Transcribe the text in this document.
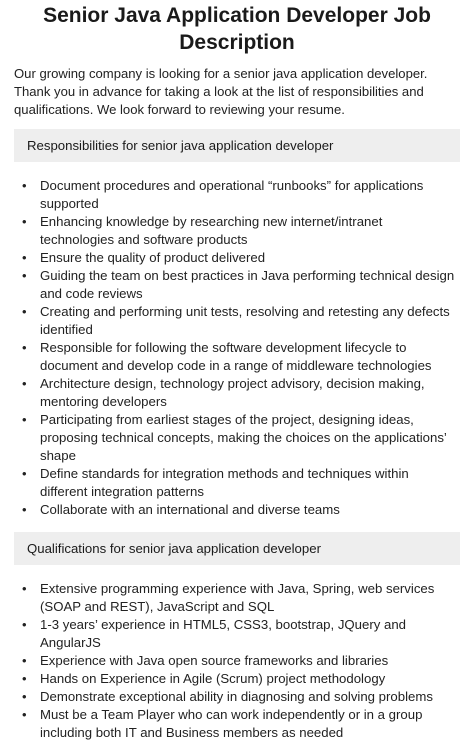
Senior Java Application Developer Job Description

Our growing company is looking for a senior java application developer. Thank you in advance for taking a look at the list of responsibilities and qualifications. We look forward to reviewing your resume.

Responsibilities for senior java application developer
• Document procedures and operational “runbooks” for applications supported
• Enhancing knowledge by researching new internet/intranet technologies and software products
• Ensure the quality of product delivered
• Guiding the team on best practices in Java performing technical design and code reviews
• Creating and performing unit tests, resolving and retesting any defects identified
• Responsible for following the software development lifecycle to document and develop code in a range of middleware technologies
• Architecture design, technology project advisory, decision making, mentoring developers
• Participating from earliest stages of the project, designing ideas, proposing technical concepts, making the choices on the applications’ shape
• Define standards for integration methods and techniques within different integration patterns
• Collaborate with an international and diverse teams
Qualifications for senior java application developer
• Extensive programming experience with Java, Spring, web services (SOAP and REST), JavaScript and SQL
• 1-3 years’ experience in HTML5, CSS3, bootstrap, JQuery and AngularJS
• Experience with Java open source frameworks and libraries
• Hands on Experience in Agile (Scrum) project methodology
• Demonstrate exceptional ability in diagnosing and solving problems
• Must be a Team Player who can work independently or in a group including both IT and Business members as needed
